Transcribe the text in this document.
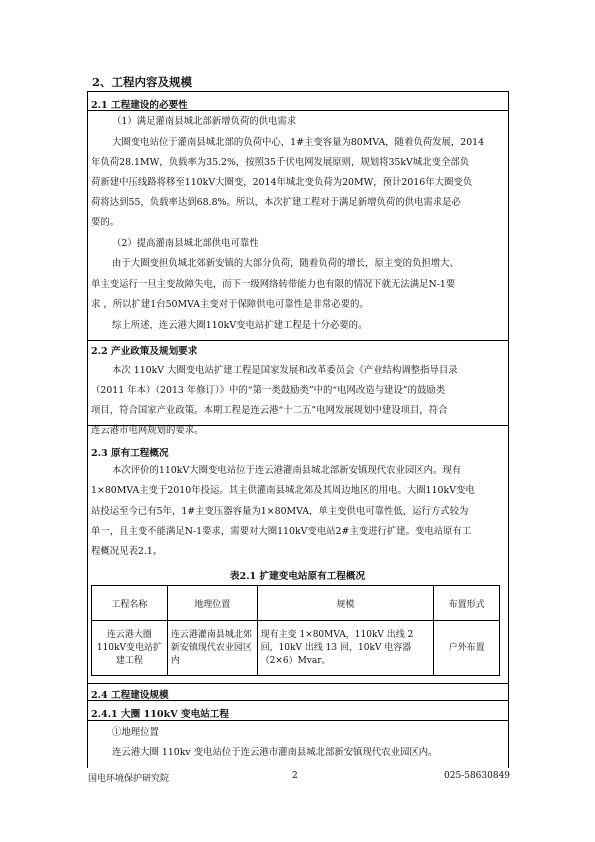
2、工程内容及规模
2.1 工程建设的必要性
（1）满足灌南县城北部新增负荷的供电需求
大圈变电站位于灌南县城北部的负荷中心，1#主变容量为80MVA，随着负荷发展，2014
年负荷28.1MW，负载率为35.2%，按照35千伏电网发展原则，规划将35kV城北变全部负
荷新建中压线路将移至110kV大圈变，2014年城北变负荷为20MW，预计2016年大圈变负
荷将达到55，负载率达到68.8%。所以，本次扩建工程对于满足新增负荷的供电需求是必
要的。
（2）提高灌南县城北部供电可靠性
由于大圈变担负城北郊新安镇的大部分负荷，随着负荷的增长，原主变的负担增大、
单主变运行一旦主变故障失电，而下一级网络转带能力也有限的情况下就无法满足N-1要
求 ，所以扩建1台50MVA主变对于保障供电可靠性是非常必要的。
综上所述，连云港大圈110kV变电站扩建工程是十分必要的。
2.2 产业政策及规划要求
本次 110kV 大圈变电站扩建工程是国家发展和改革委员会《产业结构调整指导目录
（2011 年本）（2013 年修订）》中的“第一类鼓励类”中的“电网改造与建设”的鼓励类
项目，符合国家产业政策。本期工程是连云港“十二五”电网发展规划中建设项目，符合
连云港市电网规划的要求。
2.3 原有工程概况
本次评价的110kV大圈变电站位于连云港灌南县城北部新安镇现代农业园区内。现有
1×80MVA主变于2010年投运。其主供灌南县城北郊及其周边地区的用电。大圈110kV变电
站投运至今已有5年，1#主变压器容量为1×80MVA，单主变供电可靠性低，运行方式较为
单一，且主变不能满足N-1要求，需要对大圈110kV变电站2#主变进行扩建。变电站原有工
程概况见表2.1。
表2.1 扩建变电站原有工程概况
工程名称	地理位置	规模	布置形式
连云港大圈110kV变电站扩建工程	连云港灌南县城北郊新安镇现代农业园区内	现有主变 1×80MVA，110kV 出线 2 回，10kV 出线 13 回，10kV 电容器（2×6）Mvar。	户外布置
2.4 工程建设规模
2.4.1 大圈 110kV 变电站工程
①地理位置
连云港大圈 110kv 变电站位于连云港市灌南县城北部新安镇现代农业园区内。
国电环境保护研究院	2	025-58630849
